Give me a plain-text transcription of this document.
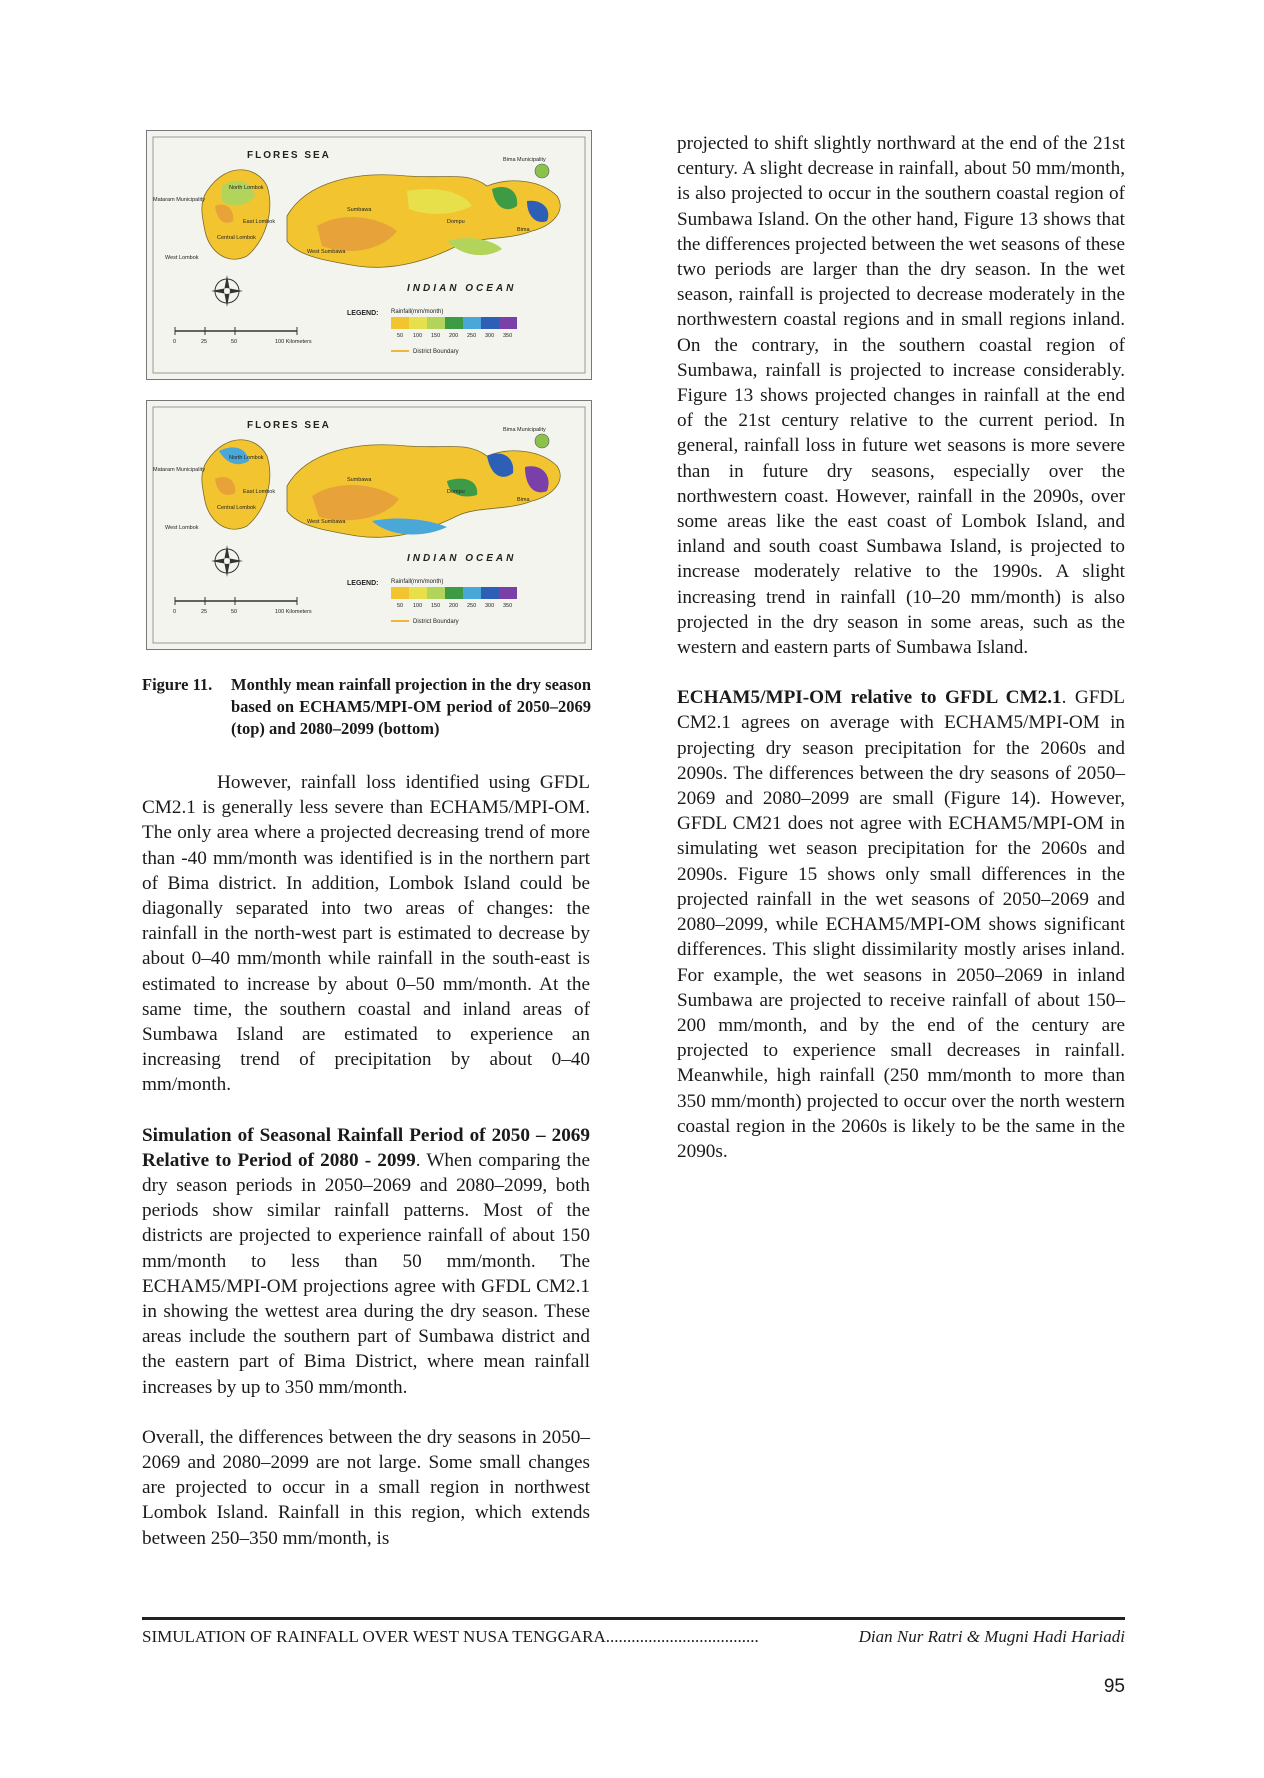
FLORES SEA
INDIAN OCEAN
LEGEND: Rainfall(mm/month)
District Boundary
50 100 150 200 250 300 350
0	25	50	100 Kilometers
Mataram Municipality
North Lombok
East Lombok
Central Lombok
West Lombok
Sumbawa
West Sumbawa
Bima Municipality
Dompu
Bima
FLORES SEA
INDIAN OCEAN
LEGEND: Rainfall(mm/month)
District Boundary
50 100 150 200 250 300 350
0	25	50	100 Kilometers
Mataram Municipality
North Lombok
East Lombok
Central Lombok
West Lombok
Sumbawa
West Sumbawa
Bima Municipality
Dompu
Bima
Figure 11. Monthly mean rainfall projection in the dry season based on ECHAM5/MPI-OM period of 2050–2069 (top) and 2080–2099 (bottom)

However, rainfall loss identified using GFDL CM2.1 is generally less severe than ECHAM5/MPI-OM. The only area where a projected decreasing trend of more than -40 mm/month was identified is in the northern part of Bima district. In addition, Lombok Island could be diagonally separated into two areas of changes: the rainfall in the north-west part is estimated to decrease by about 0–40 mm/month while rainfall in the south-east is estimated to increase by about 0–50 mm/month. At the same time, the southern coastal and inland areas of Sumbawa Island are estimated to experience an increasing trend of precipitation by about 0–40 mm/month.

Simulation of Seasonal Rainfall Period of 2050 – 2069 Relative to Period of 2080 - 2099. When comparing the dry season periods in 2050–2069 and 2080–2099, both periods show similar rainfall patterns. Most of the districts are projected to experience rainfall of about 150 mm/month to less than 50 mm/month. The ECHAM5/MPI-OM projections agree with GFDL CM2.1 in showing the wettest area during the dry season. These areas include the southern part of Sumbawa district and the eastern part of Bima District, where mean rainfall increases by up to 350 mm/month.

Overall, the differences between the dry seasons in 2050–2069 and 2080–2099 are not large. Some small changes are projected to occur in a small region in northwest Lombok Island. Rainfall in this region, which extends between 250–350 mm/month, is

projected to shift slightly northward at the end of the 21st century. A slight decrease in rainfall, about 50 mm/month, is also projected to occur in the southern coastal region of Sumbawa Island. On the other hand, Figure 13 shows that the differences projected between the wet seasons of these two periods are larger than the dry season. In the wet season, rainfall is projected to decrease moderately in the northwestern coastal regions and in small regions inland. On the contrary, in the southern coastal region of Sumbawa, rainfall is projected to increase considerably. Figure 13 shows projected changes in rainfall at the end of the 21st century relative to the current period. In general, rainfall loss in future wet seasons is more severe than in future dry seasons, especially over the northwestern coast. However, rainfall in the 2090s, over some areas like the east coast of Lombok Island, and inland and south coast Sumbawa Island, is projected to increase moderately relative to the 1990s. A slight increasing trend in rainfall (10–20 mm/month) is also projected in the dry season in some areas, such as the western and eastern parts of Sumbawa Island.

ECHAM5/MPI-OM relative to GFDL CM2.1. GFDL CM2.1 agrees on average with ECHAM5/MPI-OM in projecting dry season precipitation for the 2060s and 2090s. The differences between the dry seasons of 2050–2069 and 2080–2099 are small (Figure 14). However, GFDL CM21 does not agree with ECHAM5/MPI-OM in simulating wet season precipitation for the 2060s and 2090s. Figure 15 shows only small differences in the projected rainfall in the wet seasons of 2050–2069 and 2080–2099, while ECHAM5/MPI-OM shows significant differences. This slight dissimilarity mostly arises inland. For example, the wet seasons in 2050–2069 in inland Sumbawa are projected to receive rainfall of about 150–200 mm/month, and by the end of the century are projected to experience small decreases in rainfall. Meanwhile, high rainfall (250 mm/month to more than 350 mm/month) projected to occur over the north western coastal region in the 2060s is likely to be the same in the 2090s.

SIMULATION OF RAINFALL OVER WEST NUSA TENGGARA....................................	Dian Nur Ratri & Mugni Hadi Hariadi
95
